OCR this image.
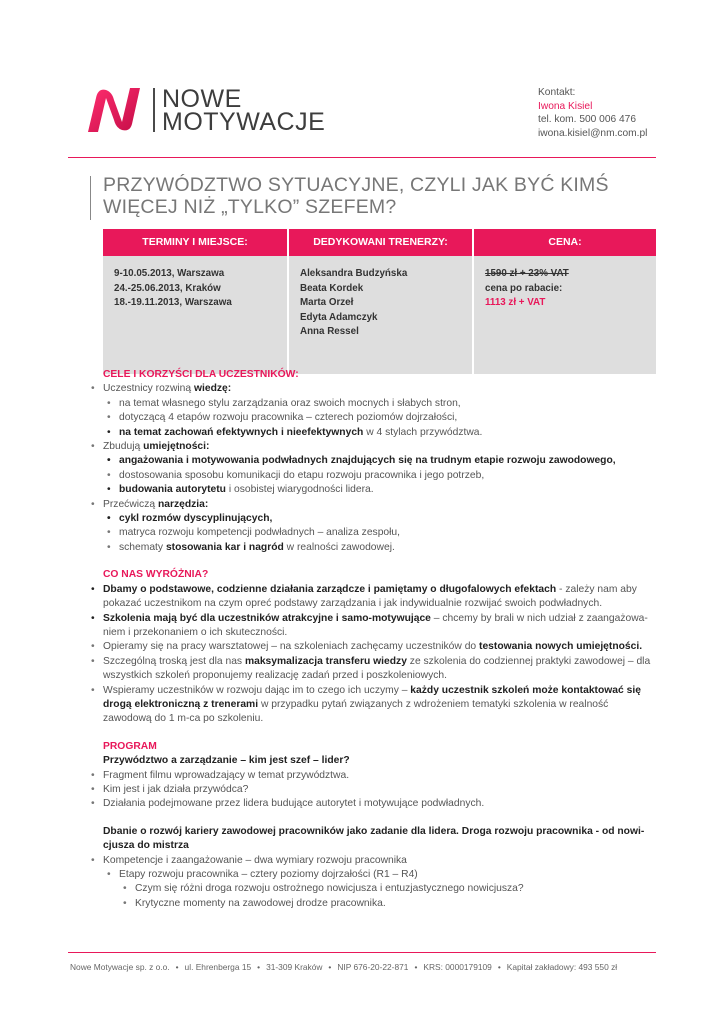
NOWE
MOTYWACJE
Kontakt:
Iwona Kisiel
tel. kom. 500 006 476
iwona.kisiel@nm.com.pl
PRZYWÓDZTWO SYTUACYJNE, CZYLI JAK BYĆ KIMŚ
WIĘCEJ NIŻ „TYLKO” SZEFEM?
TERMINY I MIEJSCE:	DEDYKOWANI TRENERZY:	CENA:
9-10.05.2013, Warszawa
24.-25.06.2013, Kraków
18.-19.11.2013, Warszawa
Aleksandra Budzyńska
Beata Kordek
Marta Orzeł
Edyta Adamczyk
Anna Ressel
1590 zł + 23% VAT
cena po rabacie:
1113 zł + VAT
CELE I KORZYŚCI DLA UCZESTNIKÓW:
• Uczestnicy rozwiną wiedzę:
• na temat własnego stylu zarządzania oraz swoich mocnych i słabych stron,
• dotyczącą 4 etapów rozwoju pracownika – czterech poziomów dojrzałości,
• na temat zachowań efektywnych i nieefektywnych w 4 stylach przywództwa.
• Zbudują umiejętności:
• angażowania i motywowania podwładnych znajdujących się na trudnym etapie rozwoju zawodowego,
• dostosowania sposobu komunikacji do etapu rozwoju pracownika i jego potrzeb,
• budowania autorytetu i osobistej wiarygodności lidera.
• Przećwiczą narzędzia:
• cykl rozmów dyscyplinujących,
• matryca rozwoju kompetencji podwładnych – analiza zespołu,
• schematy stosowania kar i nagród w realności zawodowej.
CO NAS WYRÓŻNIA?
• Dbamy o podstawowe, codzienne działania zarządcze i pamiętamy o długofalowych efektach - zależy nam aby pokazać uczestnikom na czym opreć podstawy zarządzania i jak indywidualnie rozwijać swoich podwładnych.
• Szkolenia mają być dla uczestników atrakcyjne i samo-motywujące – chcemy by brali w nich udział z zaangażowa-niem i przekonaniem o ich skuteczności.
• Opieramy się na pracy warsztatowej – na szkoleniach zachęcamy uczestników do testowania nowych umiejętności.
• Szczególną troską jest dla nas maksymalizacja transferu wiedzy ze szkolenia do codziennej praktyki zawodowej – dla wszystkich szkoleń proponujemy realizację zadań przed i poszkoleniowych.
• Wspieramy uczestników w rozwoju dając im to czego ich uczymy – każdy uczestnik szkoleń może kontaktować się drogą elektroniczną z trenerami w przypadku pytań związanych z wdrożeniem tematyki szkolenia w realność zawodową do 1 m-ca po szkoleniu.
PROGRAM
Przywództwo a zarządzanie – kim jest szef – lider?
• Fragment filmu wprowadzający w temat przywództwa.
• Kim jest i jak działa przywódca?
• Działania podejmowane przez lidera budujące autorytet i motywujące podwładnych.
Dbanie o rozwój kariery zawodowej pracowników jako zadanie dla lidera. Droga rozwoju pracownika - od nowi-cjusza do mistrza
• Kompetencje i zaangażowanie – dwa wymiary rozwoju pracownika
• Etapy rozwoju pracownika – cztery poziomy dojrzałości (R1 – R4)
• Czym się różni droga rozwoju ostrożnego nowicjusza i entuzjastycznego nowicjusza?
• Krytyczne momenty na zawodowej drodze pracownika.
Nowe Motywacje sp. z o.o. • ul. Ehrenberga 15 • 31-309 Kraków • NIP 676-20-22-871 • KRS: 0000179109 • Kapitał zakładowy: 493 550 zł
